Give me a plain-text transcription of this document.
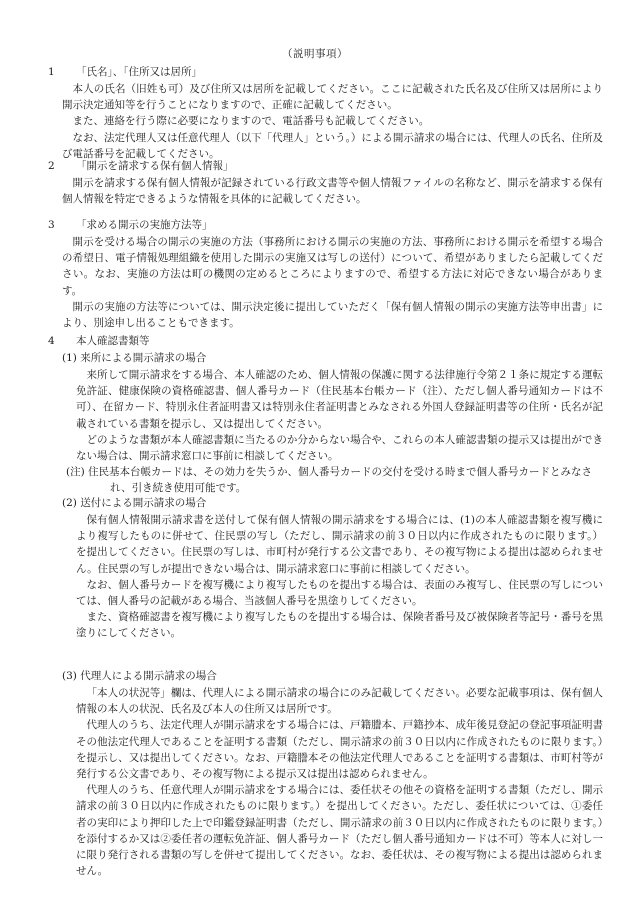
（説明事項）
1 「氏名」、「住所又は居所」

本人の氏名（旧姓も可）及び住所又は居所を記載してください。ここに記載された氏名及び住所又は居所により開示決定通知等を行うことになりますので、正確に記載してください。

また、連絡を行う際に必要になりますので、電話番号も記載してください。

なお、法定代理人又は任意代理人（以下「代理人」という。）による開示請求の場合には、代理人の氏名、住所及び電話番号を記載してください。

2 「開示を請求する保有個人情報」

開示を請求する保有個人情報が記録されている行政文書等や個人情報ファイルの名称など、開示を請求する保有個人情報を特定できるような情報を具体的に記載してください。

3 「求める開示の実施方法等」

開示を受ける場合の開示の実施の方法（事務所における開示の実施の方法、事務所における開示を希望する場合の希望日、電子情報処理組織を使用した開示の実施又は写しの送付）について、希望がありましたら記載してください。なお、実施の方法は町の機関の定めるところによりますので、希望する方法に対応できない場合があります。

開示の実施の方法等については、開示決定後に提出していただく「保有個人情報の開示の実施方法等申出書」により、別途申し出ることもできます。

4 本人確認書類等
(1) 来所による開示請求の場合

来所して開示請求をする場合、本人確認のため、個人情報の保護に関する法律施行令第２１条に規定する運転免許証、健康保険の資格確認書、個人番号カード（住民基本台帳カード（注）、ただし個人番号通知カードは不可）、在留カード、特別永住者証明書又は特別永住者証明書とみなされる外国人登録証明書等の住所・氏名が記載されている書類を提示し、又は提出してください。

どのような書類が本人確認書類に当たるのか分からない場合や、これらの本人確認書類の提示又は提出ができない場合は、開示請求窓口に事前に相談してください。

(注) 住民基本台帳カードは、その効力を失うか、個人番号カードの交付を受ける時まで個人番号カードとみなされ、引き続き使用可能です。
(2) 送付による開示請求の場合

保有個人情報開示請求書を送付して保有個人情報の開示請求をする場合には、(1)の本人確認書類を複写機により複写したものに併せて、住民票の写し（ただし、開示請求の前３０日以内に作成されたものに限ります。）を提出してください。住民票の写しは、市町村が発行する公文書であり、その複写物による提出は認められません。住民票の写しが提出できない場合は、開示請求窓口に事前に相談してください。

なお、個人番号カードを複写機により複写したものを提出する場合は、表面のみ複写し、住民票の写しについては、個人番号の記載がある場合、当該個人番号を黒塗りしてください。

また、資格確認書を複写機により複写したものを提出する場合は、保険者番号及び被保険者等記号・番号を黒塗りにしてください。

(3) 代理人による開示請求の場合

「本人の状況等」欄は、代理人による開示請求の場合にのみ記載してください。必要な記載事項は、保有個人情報の本人の状況、氏名及び本人の住所又は居所です。

代理人のうち、法定代理人が開示請求をする場合には、戸籍謄本、戸籍抄本、成年後見登記の登記事項証明書その他法定代理人であることを証明する書類（ただし、開示請求の前３０日以内に作成されたものに限ります。）を提示し、又は提出してください。なお、戸籍謄本その他法定代理人であることを証明する書類は、市町村等が発行する公文書であり、その複写物による提示又は提出は認められません。

代理人のうち、任意代理人が開示請求をする場合には、委任状その他その資格を証明する書類（ただし、開示請求の前３０日以内に作成されたものに限ります。）を提出してください。ただし、委任状については、①委任者の実印により押印した上で印鑑登録証明書（ただし、開示請求の前３０日以内に作成されたものに限ります。）を添付するか又は②委任者の運転免許証、個人番号カード（ただし個人番号通知カードは不可）等本人に対し一に限り発行される書類の写しを併せて提出してください。なお、委任状は、その複写物による提出は認められません。
